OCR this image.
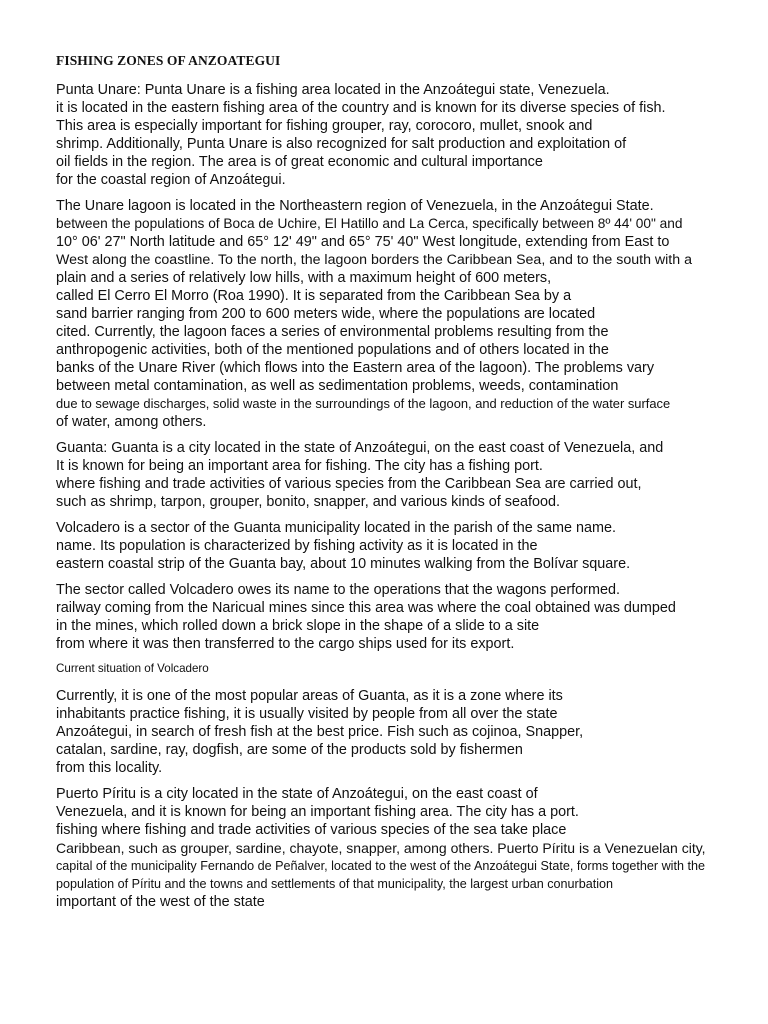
FISHING ZONES OF ANZOATEGUI
Punta Unare: Punta Unare is a fishing area located in the Anzoátegui state, Venezuela.
it is located in the eastern fishing area of the country and is known for its diverse species of fish.
This area is especially important for fishing grouper, ray, corocoro, mullet, snook and
shrimp. Additionally, Punta Unare is also recognized for salt production and exploitation of
oil fields in the region. The area is of great economic and cultural importance
for the coastal region of Anzoátegui.
The Unare lagoon is located in the Northeastern region of Venezuela, in the Anzoátegui State.
between the populations of Boca de Uchire, El Hatillo and La Cerca, specifically between 8º 44' 00" and
10° 06' 27" North latitude and 65° 12' 49" and 65° 75' 40" West longitude, extending from East to
West along the coastline. To the north, the lagoon borders the Caribbean Sea, and to the south with a
plain and a series of relatively low hills, with a maximum height of 600 meters,
called El Cerro El Morro (Roa 1990). It is separated from the Caribbean Sea by a
sand barrier ranging from 200 to 600 meters wide, where the populations are located
cited. Currently, the lagoon faces a series of environmental problems resulting from the
anthropogenic activities, both of the mentioned populations and of others located in the
banks of the Unare River (which flows into the Eastern area of the lagoon). The problems vary
between metal contamination, as well as sedimentation problems, weeds, contamination
due to sewage discharges, solid waste in the surroundings of the lagoon, and reduction of the water surface
of water, among others.
Guanta: Guanta is a city located in the state of Anzoátegui, on the east coast of Venezuela, and
It is known for being an important area for fishing. The city has a fishing port.
where fishing and trade activities of various species from the Caribbean Sea are carried out,
such as shrimp, tarpon, grouper, bonito, snapper, and various kinds of seafood.
Volcadero is a sector of the Guanta municipality located in the parish of the same name.
name. Its population is characterized by fishing activity as it is located in the
eastern coastal strip of the Guanta bay, about 10 minutes walking from the Bolívar square.
The sector called Volcadero owes its name to the operations that the wagons performed.
railway coming from the Naricual mines since this area was where the coal obtained was dumped
in the mines, which rolled down a brick slope in the shape of a slide to a site
from where it was then transferred to the cargo ships used for its export.
Current situation of Volcadero
Currently, it is one of the most popular areas of Guanta, as it is a zone where its
inhabitants practice fishing, it is usually visited by people from all over the state
Anzoátegui, in search of fresh fish at the best price. Fish such as cojinoa, Snapper,
catalan, sardine, ray, dogfish, are some of the products sold by fishermen
from this locality.
Puerto Píritu is a city located in the state of Anzoátegui, on the east coast of
Venezuela, and it is known for being an important fishing area. The city has a port.
fishing where fishing and trade activities of various species of the sea take place
Caribbean, such as grouper, sardine, chayote, snapper, among others. Puerto Píritu is a Venezuelan city,
capital of the municipality Fernando de Peñalver, located to the west of the Anzoátegui State, forms together with the
population of Píritu and the towns and settlements of that municipality, the largest urban conurbation
important of the west of the state
